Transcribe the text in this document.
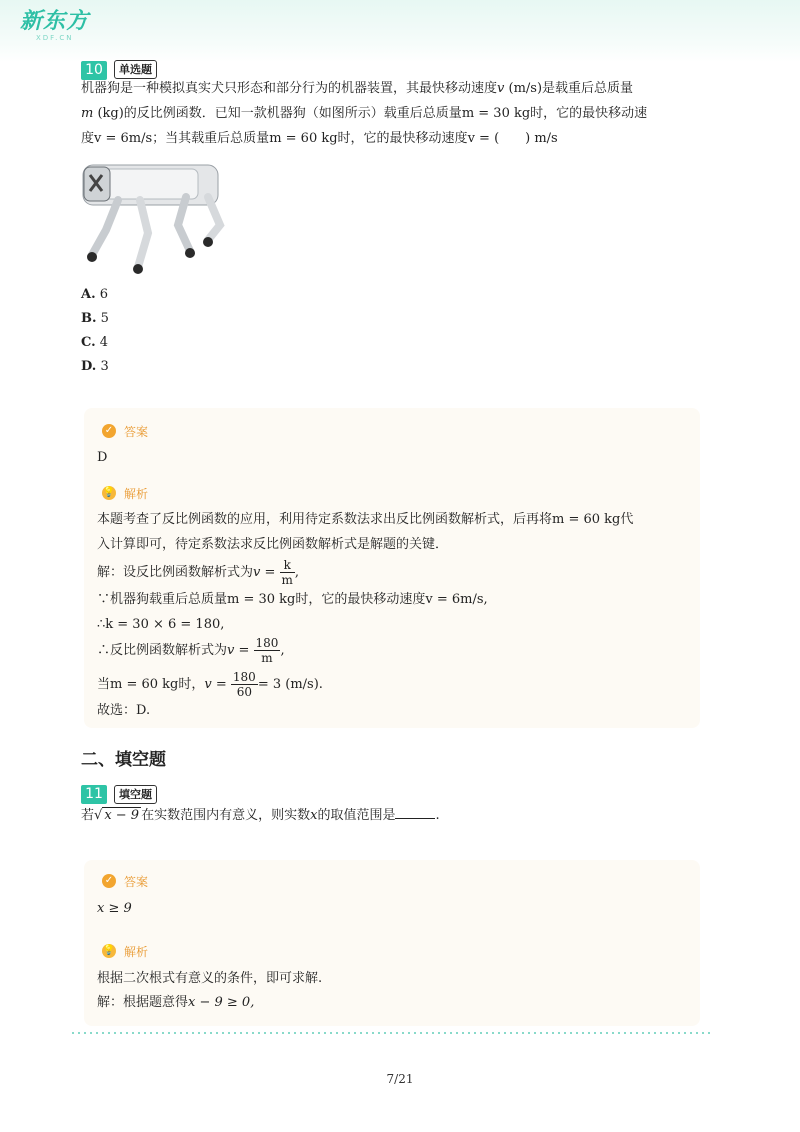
新东方
XDF.CN
10	单选题
机器狗是一种模拟真实犬只形态和部分行为的机器装置，其最快移动速度v (m/s)是载重后总质量
m (kg)的反比例函数．已知一款机器狗（如图所示）载重后总质量m = 30 kg时，它的最快移动速
度v = 6m/s；当其载重后总质量m = 60 kg时，它的最快移动速度v = (　　) m/s
A. 6
B. 5
C. 4
D. 3
✓ 答案
D
💡 解析
本题考查了反比例函数的应用，利用待定系数法求出反比例函数解析式，后再将m = 60 kg代
入计算即可，待定系数法求反比例函数解析式是解题的关键．
解：设反比例函数解析式为$v = \frac{k}{m}$ ,
∵机器狗载重后总质量m = 30 kg时，它的最快移动速度v = 6m/s,
∴k = 30 × 6 = 180,
∴反比例函数解析式为$v = \frac{180}{m}$ ,
当m = 60 kg时，$v = \frac{180}{60} = 3$ (m/s).
故选：D.
二、填空题
11	填空题
若√ x − 9 在实数范围内有意义，则实数x的取值范围是	.
✓ 答案
x ≥ 9
💡 解析
根据二次根式有意义的条件，即可求解.
解：根据题意得x − 9 ≥ 0,
7/21
